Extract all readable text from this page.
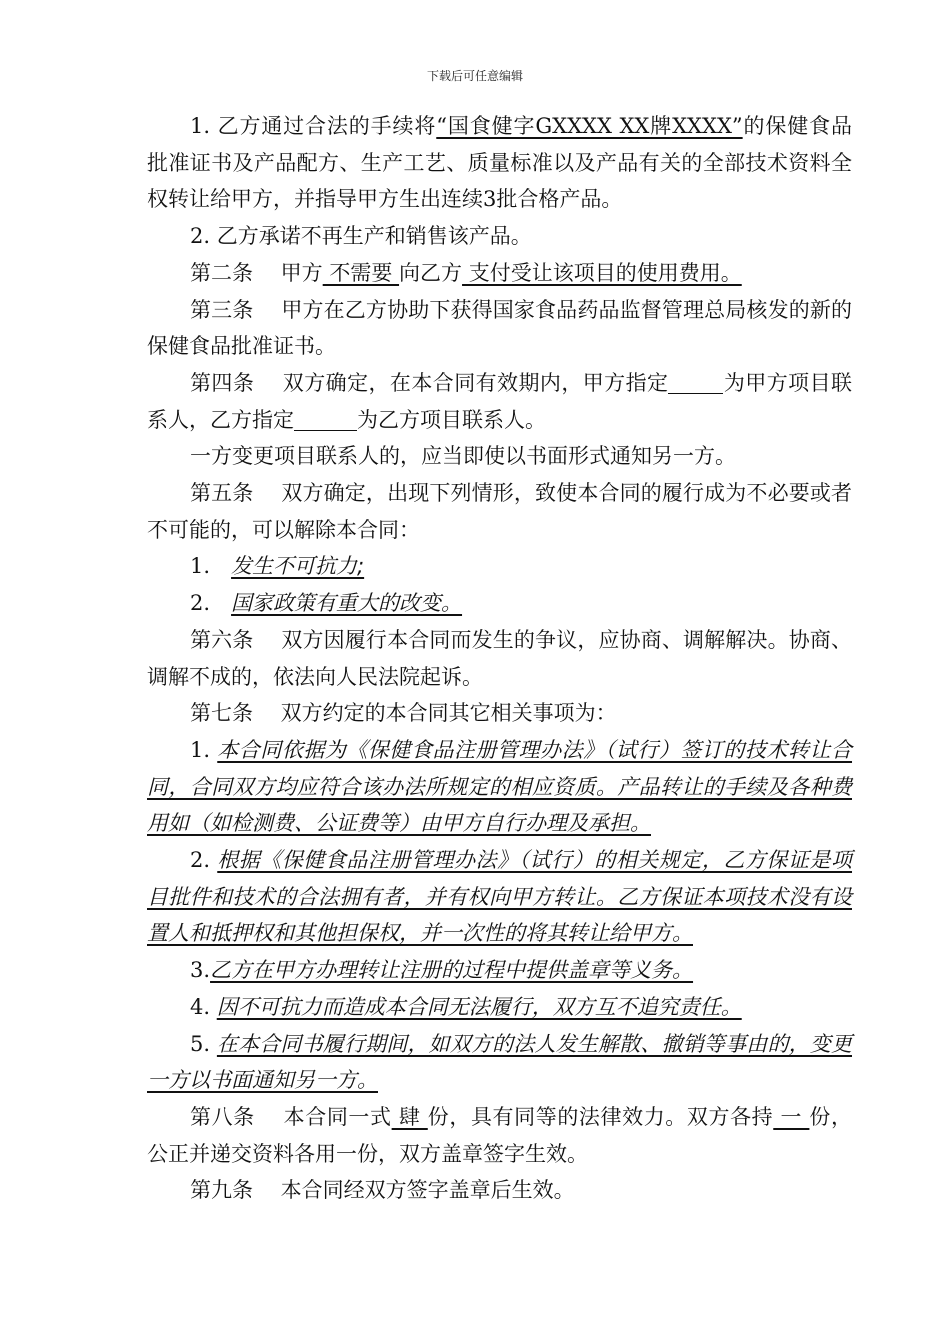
下载后可任意编辑

1. 乙方通过合法的手续将“国食健字GXXXX XX牌XXXX”的保健食品批准证书及产品配方、生产工艺、质量标准以及产品有关的全部技术资料全权转让给甲方，并指导甲方生出连续3批合格产品。

2. 乙方承诺不再生产和销售该产品。

第二条　 甲方 不需要 向乙方 支付受让该项目的使用费用。

第三条　 甲方在乙方协助下获得国家食品药品监督管理总局核发的新的保健食品批准证书。

第四条　 双方确定，在本合同有效期内，甲方指定	为甲方项目联系人，乙方指定	为乙方项目联系人。

一方变更项目联系人的，应当即使以书面形式通知另一方。

第五条　 双方确定，出现下列情形，致使本合同的履行成为不必要或者不可能的，可以解除本合同：

1.　发生不可抗力;

2.　国家政策有重大的改变。

第六条　 双方因履行本合同而发生的争议，应协商、调解解决。协商、调解不成的，依法向人民法院起诉。

第七条　 双方约定的本合同其它相关事项为：

1. 本合同依据为《保健食品注册管理办法》（试行）签订的技术转让合同，合同双方均应符合该办法所规定的相应资质。产品转让的手续及各种费用如（如检测费、公证费等）由甲方自行办理及承担。

2. 根据《保健食品注册管理办法》（试行）的相关规定，乙方保证是项目批件和技术的合法拥有者，并有权向甲方转让。乙方保证本项技术没有设置人和抵押权和其他担保权，并一次性的将其转让给甲方。

3.乙方在甲方办理转让注册的过程中提供盖章等义务。

4. 因不可抗力而造成本合同无法履行，双方互不追究责任。

5. 在本合同书履行期间，如双方的法人发生解散、撤销等事由的，变更一方以书面通知另一方。

第八条　 本合同一式 肆 份，具有同等的法律效力。双方各持 一 份，公正并递交资料各用一份，双方盖章签字生效。

第九条　 本合同经双方签字盖章后生效。
